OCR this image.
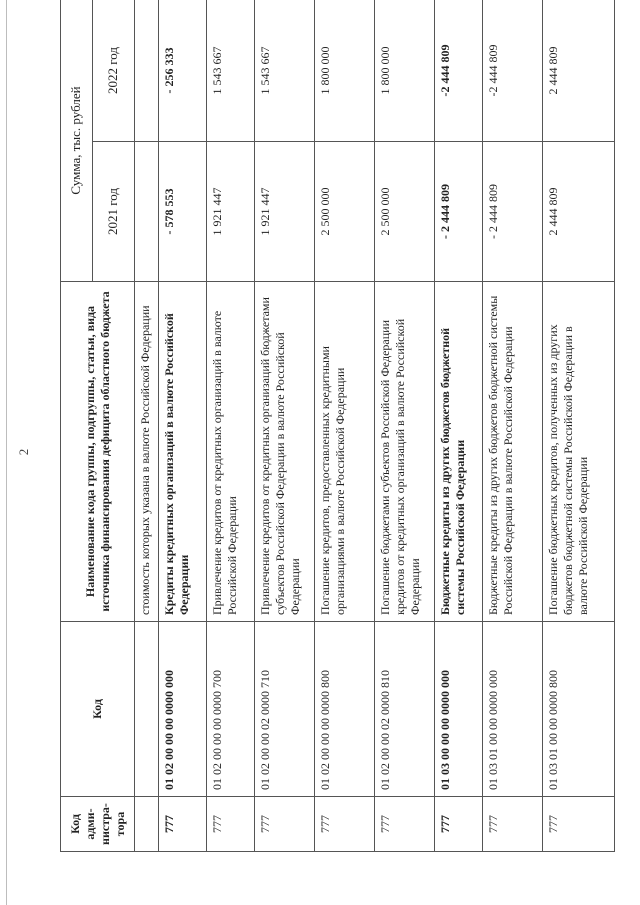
2
Код адми-нистра-тора	Код	Наименование кода группы, подгруппы, статьи, вида источника финансирования дефицита областного бюджета	Сумма, тыс. рублей	
			2021 год	2022 год
		стоимость которых указана в валюте Российской Федерации		
777	01 02 00 00 00 0000 000	Кредиты кредитных организаций в валюте Российской Федерации	- 578 553	- 256 333
777	01 02 00 00 00 0000 700	Привлечение кредитов от кредитных организаций в валюте Российской Федерации	1 921 447	1 543 667
777	01 02 00 00 02 0000 710	Привлечение кредитов от кредитных организаций бюджетами субъектов Российской Федерации в валюте Российской Федерации	1 921 447	1 543 667
777	01 02 00 00 00 0000 800	Погашение кредитов, предоставленных кредитными организациями в валюте Российской Федерации	2 500 000	1 800 000
777	01 02 00 00 02 0000 810	Погашение бюджетами субъектов Российской Федерации кредитов от кредитных организаций в валюте Российской Федерации	2 500 000	1 800 000
777	01 03 00 00 00 0000 000	Бюджетные кредиты из других бюджетов бюджетной системы Российской Федерации	- 2 444 809	-2 444 809
777	01 03 01 00 00 0000 000	Бюджетные кредиты из других бюджетов бюджетной системы Российской Федерации в валюте Российской Федерации	- 2 444 809	-2 444 809
777	01 03 01 00 00 0000 800	Погашение бюджетных кредитов, полученных из других бюджетов бюджетной системы Российской Федерации в валюте Российской Федерации	2 444 809	2 444 809
